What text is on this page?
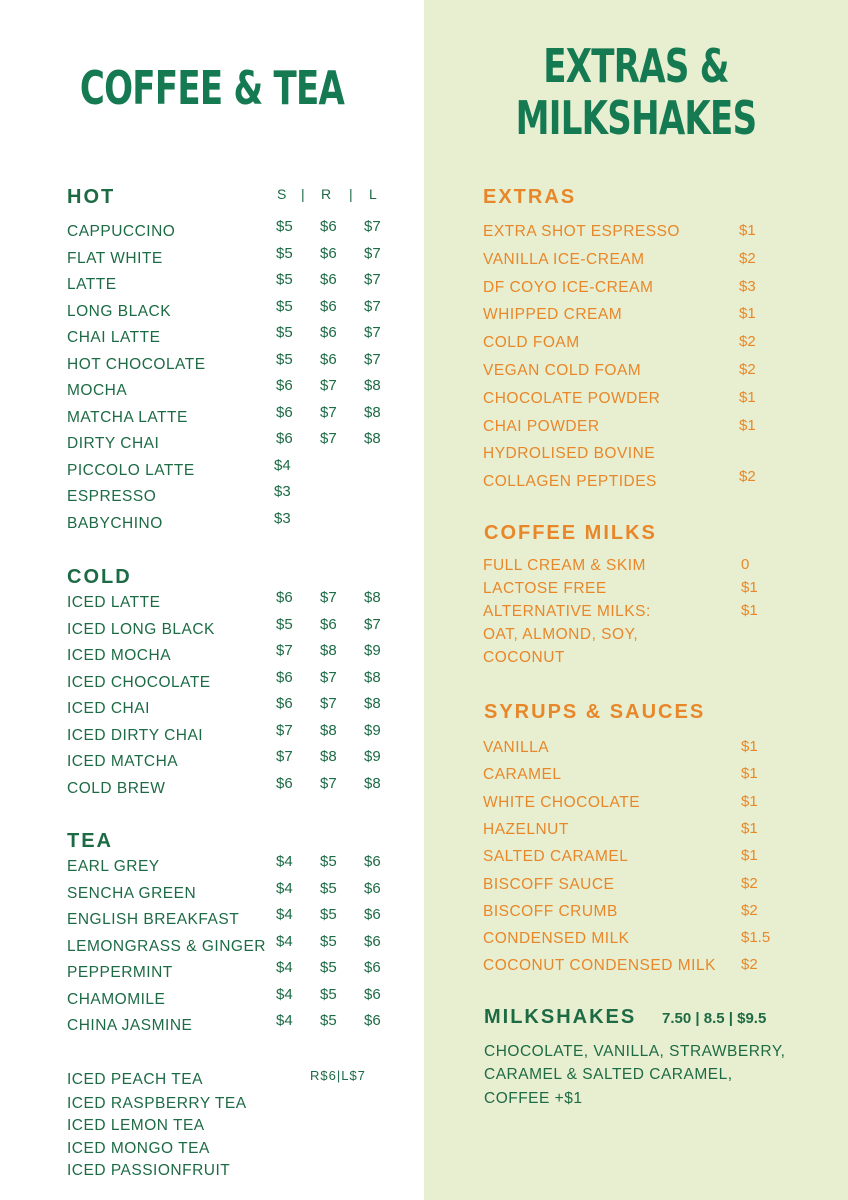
COFFEE & TEA
HOT	S | R | L
CAPPUCCINO	$5 $6 $7
FLAT WHITE	$5 $6 $7
LATTE	$5 $6 $7
LONG BLACK	$5 $6 $7
CHAI LATTE	$5 $6 $7
HOT CHOCOLATE	$5 $6 $7
MOCHA	$6 $7 $8
MATCHA LATTE	$6 $7 $8
DIRTY CHAI	$6 $7 $8
PICCOLO LATTE	$4
ESPRESSO	$3
BABYCHINO	$3
COLD
ICED LATTE	$6 $7 $8
ICED LONG BLACK	$5 $6 $7
ICED MOCHA	$7 $8 $9
ICED CHOCOLATE	$6 $7 $8
ICED CHAI	$6 $7 $8
ICED DIRTY CHAI	$7 $8 $9
ICED MATCHA	$7 $8 $9
COLD BREW	$6 $7 $8
TEA
EARL GREY	$4 $5 $6
SENCHA GREEN	$4 $5 $6
ENGLISH BREAKFAST $4 $5 $6
LEMONGRASS & GINGER $4 $5 $6
PEPPERMINT	$4 $5 $6
CHAMOMILE	$4 $5 $6
CHINA JASMINE	$4 $5 $6
R$6|L$7
ICED PEACH TEA
ICED RASPBERRY TEA
ICED LEMON TEA
ICED MONGO TEA
ICED PASSIONFRUIT
EXTRAS &
MILKSHAKES
EXTRAS
EXTRA SHOT ESPRESSO	$1
VANILLA ICE-CREAM	$2
DF COYO ICE-CREAM	$3
WHIPPED CREAM	$1
COLD FOAM	$2
VEGAN COLD FOAM	$2
CHOCOLATE POWDER	$1
CHAI POWDER	$1
HYDROLISED BOVINE
COLLAGEN PEPTIDES	$2
COFFEE MILKS
FULL CREAM & SKIM	0
LACTOSE FREE	$1
ALTERNATIVE MILKS:	$1
OAT, ALMOND, SOY,
COCONUT
SYRUPS & SAUCES
VANILLA	$1
CARAMEL	$1
WHITE CHOCOLATE	$1
HAZELNUT	$1
SALTED CARAMEL	$1
BISCOFF SAUCE	$2
BISCOFF CRUMB	$2
CONDENSED MILK	$1.5
COCONUT CONDENSED MILK $2
MILKSHAKES 7.50 | 8.5 | $9.5
CHOCOLATE, VANILLA, STRAWBERRY,
CARAMEL & SALTED CARAMEL,
COFFEE +$1
